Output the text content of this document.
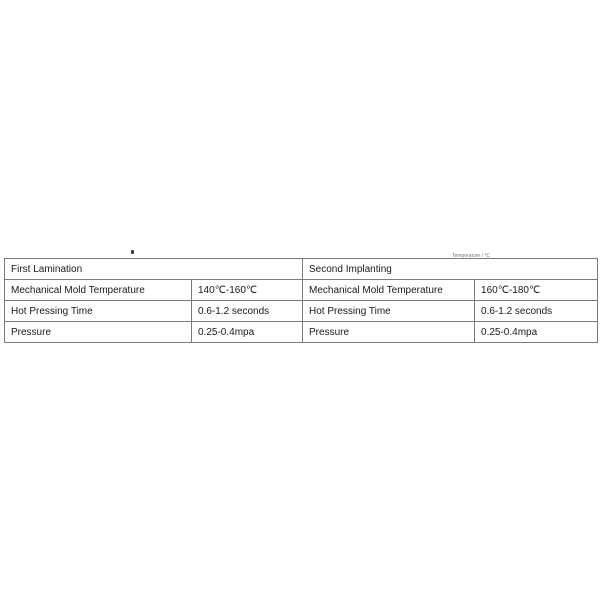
Temperature / ℃
First Lamination		Second Implanting	
Mechanical Mold Temperature	140℃-160℃	Mechanical Mold Temperature	160℃-180℃
Hot Pressing Time	0.6-1.2 seconds	Hot Pressing Time	0.6-1.2 seconds
Pressure	0.25-0.4mpa	Pressure	0.25-0.4mpa
